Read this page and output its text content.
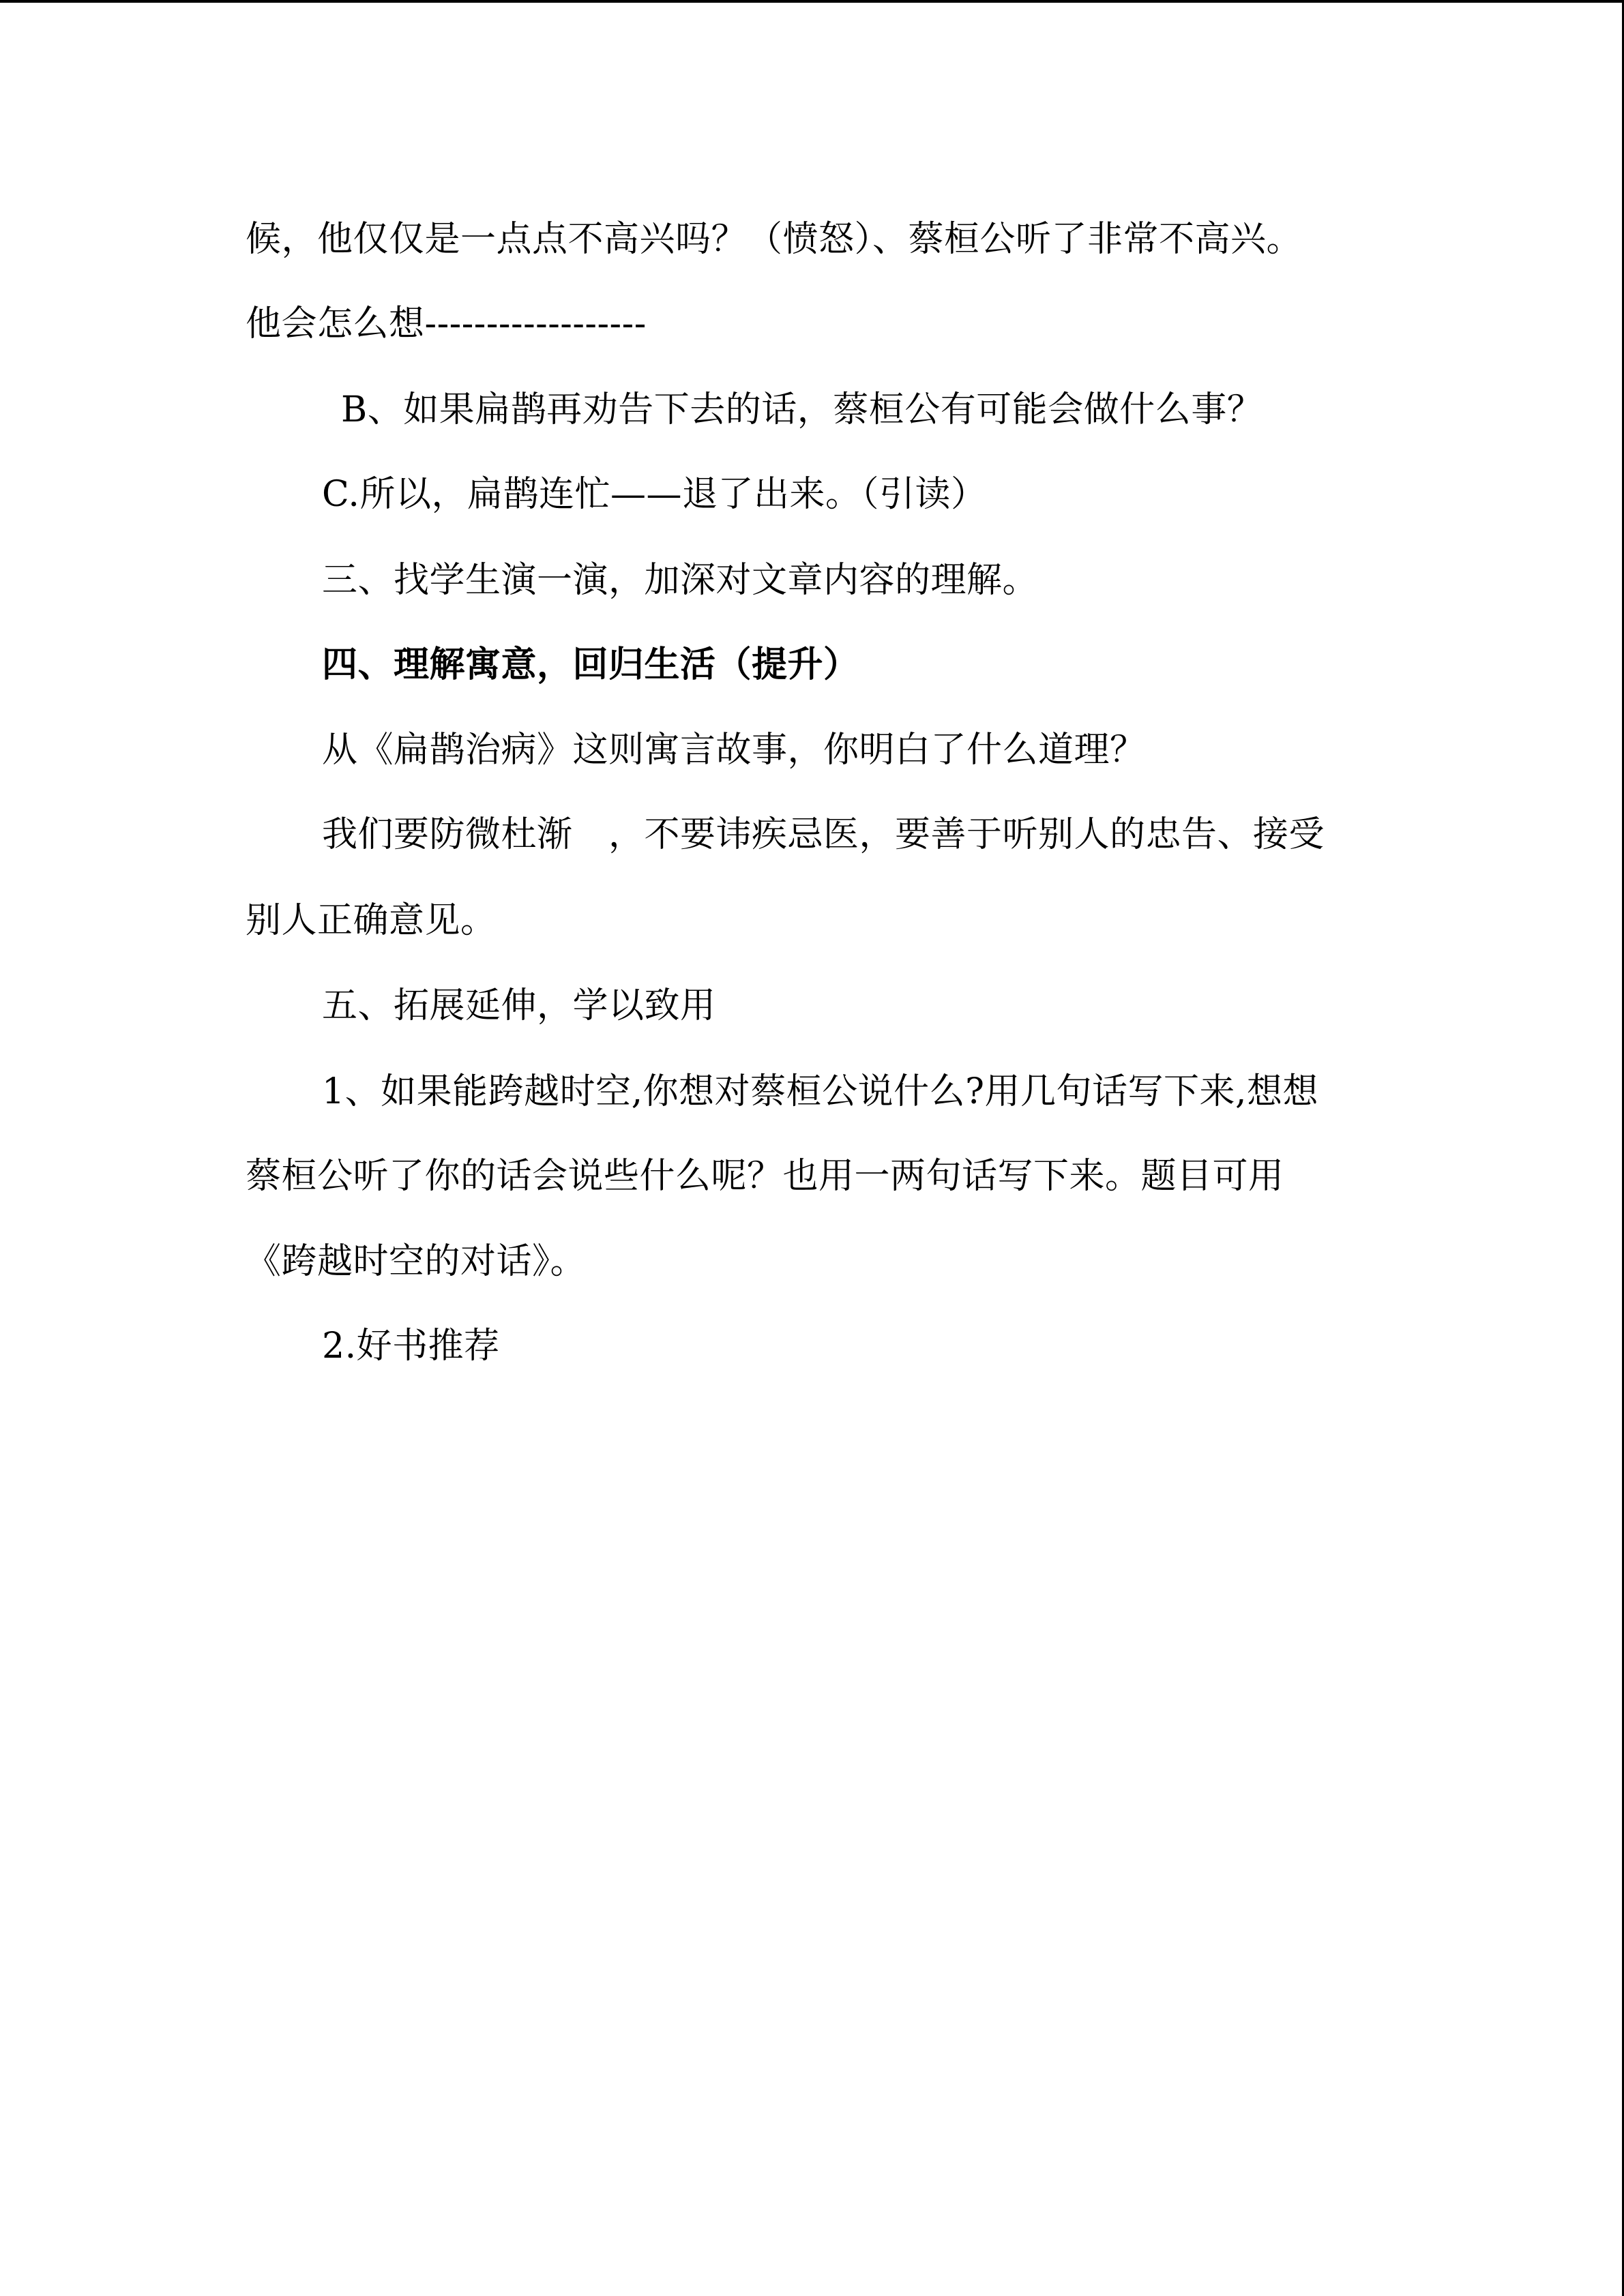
候，他仅仅是一点点不高兴吗？（愤怒）、蔡桓公听了非常不高兴。
他会怎么想------------------
B、如果扁鹊再劝告下去的话，蔡桓公有可能会做什么事？
C.所以，扁鹊连忙——退了出来。（引读）
三、找学生演一演，加深对文章内容的理解。
四、理解寓意，回归生活（提升）
从《扁鹊治病》这则寓言故事，你明白了什么道理？
我们要防微杜渐　，不要讳疾忌医，要善于听别人的忠告、接受
别人正确意见。
五、拓展延伸，学以致用
1、如果能跨越时空,你想对蔡桓公说什么?用几句话写下来,想想
蔡桓公听了你的话会说些什么呢？也用一两句话写下来。题目可用
《跨越时空的对话》。
2.好书推荐
